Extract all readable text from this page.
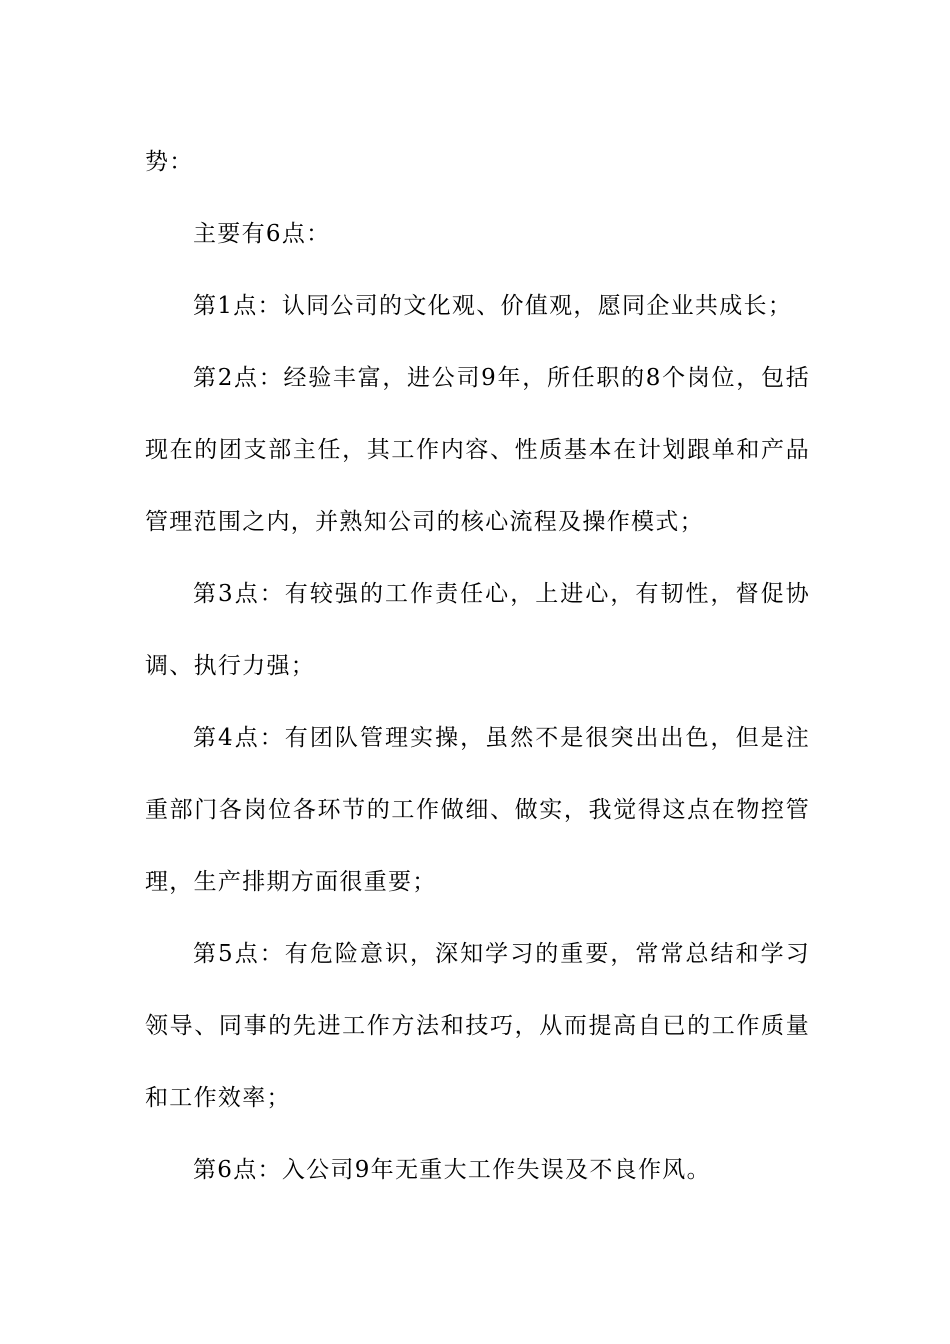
势：

主要有6点：

第1点：认同公司的文化观、价值观，愿同企业共成长；

第2点：经验丰富，进公司9年，所任职的8个岗位，包括现在的团支部主任，其工作内容、性质基本在计划跟单和产品管理范围之内，并熟知公司的核心流程及操作模式；

第3点：有较强的工作责任心，上进心，有韧性，督促协调、执行力强；

第4点：有团队管理实操，虽然不是很突出出色，但是注重部门各岗位各环节的工作做细、做实，我觉得这点在物控管理，生产排期方面很重要；

第5点：有危险意识，深知学习的重要，常常总结和学习领导、同事的先进工作方法和技巧，从而提高自已的工作质量和工作效率；

第6点：入公司9年无重大工作失误及不良作风。
